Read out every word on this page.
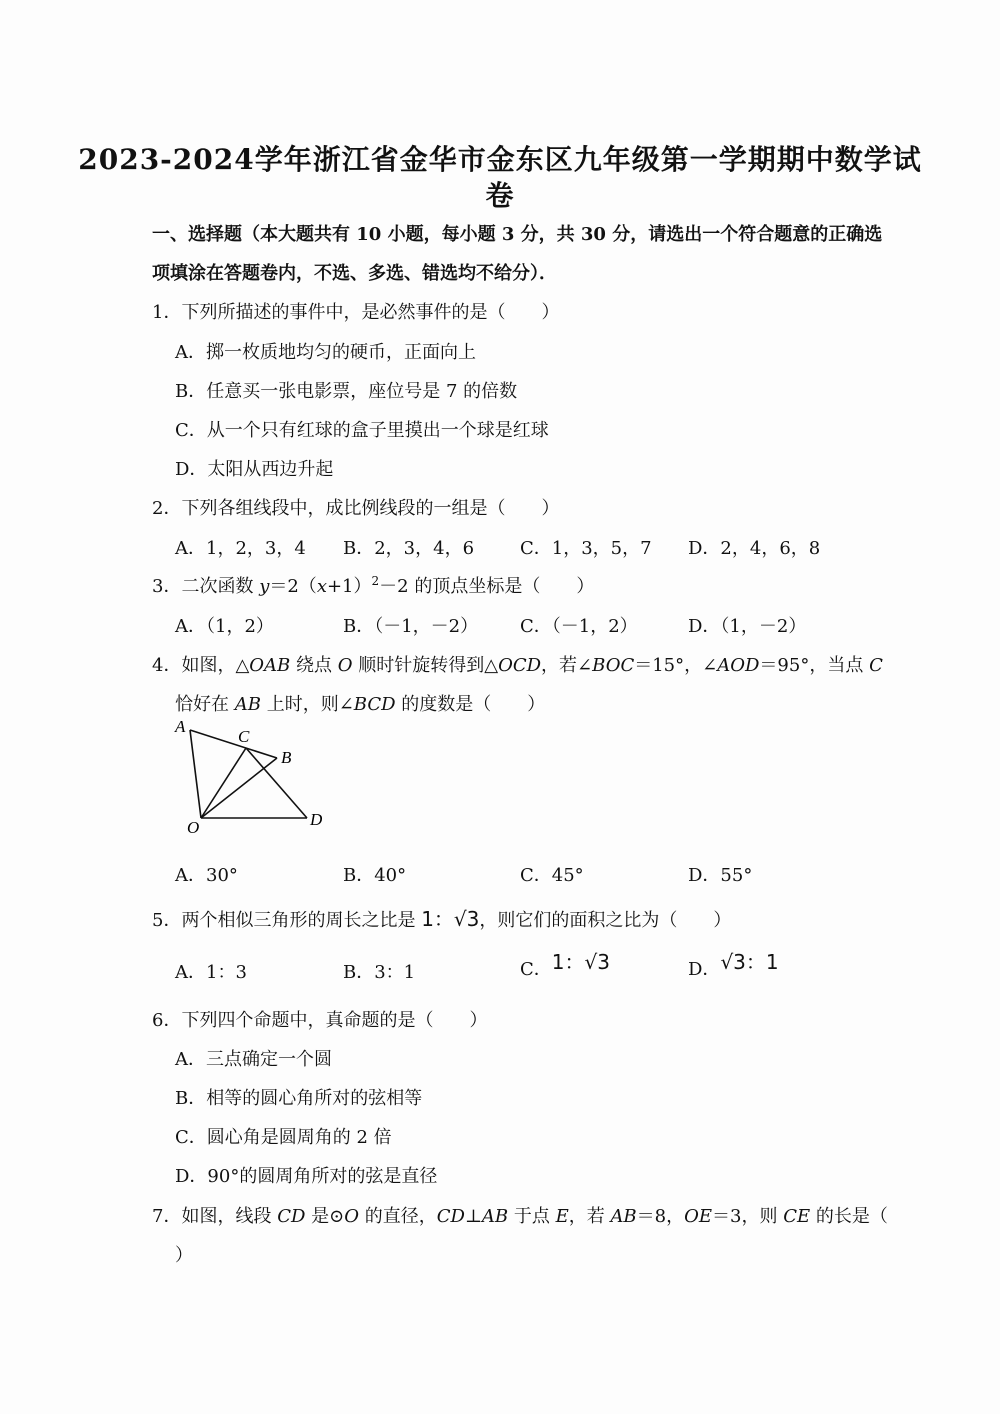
2023-2024学年浙江省金华市金东区九年级第一学期期中数学试
卷
一、选择题（本大题共有 10 小题，每小题 3 分，共 30 分，请选出一个符合题意的正确选
项填涂在答题卷内，不选、多选、错选均不给分）．
1．下列所描述的事件中，是必然事件的是（　　）
A．掷一枚质地均匀的硬币，正面向上
B．任意买一张电影票，座位号是 7 的倍数
C．从一个只有红球的盒子里摸出一个球是红球
D．太阳从西边升起
2．下列各组线段中，成比例线段的一组是（　　）
A．1，2，3，4 B．2，3，4，6	C．1，3，5，7 D．2，4，6，8
3．二次函数 $y=2(x+1)^2-2$ 的顶点坐标是（　　）
A．（1，2）	B．（－1，－2） C．（－1，2）	D．（1，－2）
4．如图，△OAB 绕点 O 顺时针旋转得到△OCD，若∠BOC＝15°，∠AOD＝95°，当点 C
恰好在 AB 上时，则∠BCD 的度数是（　　）
A
C
B
O	D
A．30°	B．40°	C．45°	D．55°
5．两个相似三角形的周长之比是 1：√3，则它们的面积之比为（　　）
A．1：3	B．3：1	C．1：√3	D．√3：1
6．下列四个命题中，真命题的是（　　）
A．三点确定一个圆
B．相等的圆心角所对的弦相等
C．圆心角是圆周角的 2 倍
D．90°的圆周角所对的弦是直径
7．如图，线段 CD 是⊙O 的直径，CD⊥AB 于点 E，若 AB＝8，OE＝3，则 CE 的长是（
）
